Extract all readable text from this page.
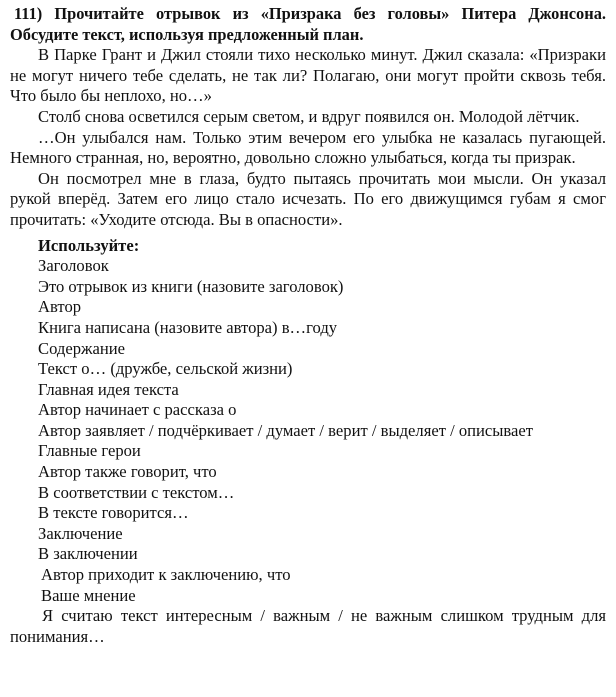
111) Прочитайте отрывок из «Призрака без головы» Питера Джонсона. Обсудите текст, используя предложенный план.

В Парке Грант и Джил стояли тихо несколько минут. Джил сказала: «Призраки не могут ничего тебе сделать, не так ли? Полагаю, они могут пройти сквозь тебя. Что было бы неплохо, но…»

Столб снова осветился серым светом, и вдруг появился он. Молодой лётчик.

…Он улыбался нам. Только этим вечером его улыбка не казалась пугающей. Немного странная, но, вероятно, довольно сложно улыбаться, когда ты призрак.

Он посмотрел мне в глаза, будто пытаясь прочитать мои мысли. Он указал рукой вперёд. Затем его лицо стало исчезать. По его движущимся губам я смог прочитать: «Уходите отсюда. Вы в опасности».

Используйте:

Заголовок
Это отрывок из книги (назовите заголовок)
Автор
Книга написана (назовите автора) в…году
Содержание
Текст о… (дружбе, сельской жизни)
Главная идея текста
Автор начинает с рассказа о
Автор заявляет / подчёркивает / думает / верит / выделяет / описывает
Главные герои
Автор также говорит, что
В соответствии с текстом…
В тексте говорится…
Заключение
В заключении
Автор приходит к заключению, что
Ваше мнение
Я считаю текст интересным / важным / не важным слишком трудным для понимания…
